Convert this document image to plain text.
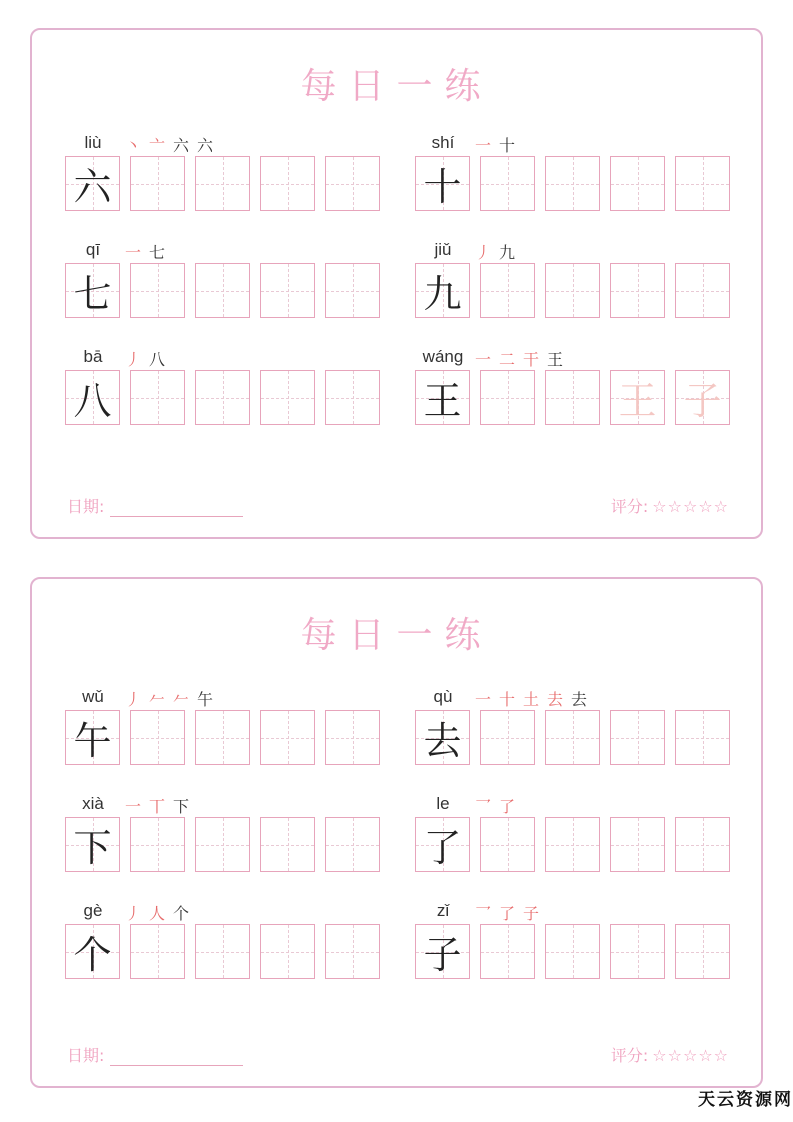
每日一练
liù	丶 亠 六 六
六
shí	一 十
十
qī	一 七
七
jiǔ	丿 九
九
bā	丿 八
八
wáng 一 二 干 王
王	王 子
日期:	评分: ☆☆☆☆☆
每日一练
wǔ	丿 𠂉 𠂉 午
午
qù	一 十 土 去 去
去
xià	一 丅 下
下
le	乛 了
了
gè	丿 人 个
个
zǐ	乛 了 子
子
日期:	评分: ☆☆☆☆☆
天云资源网
